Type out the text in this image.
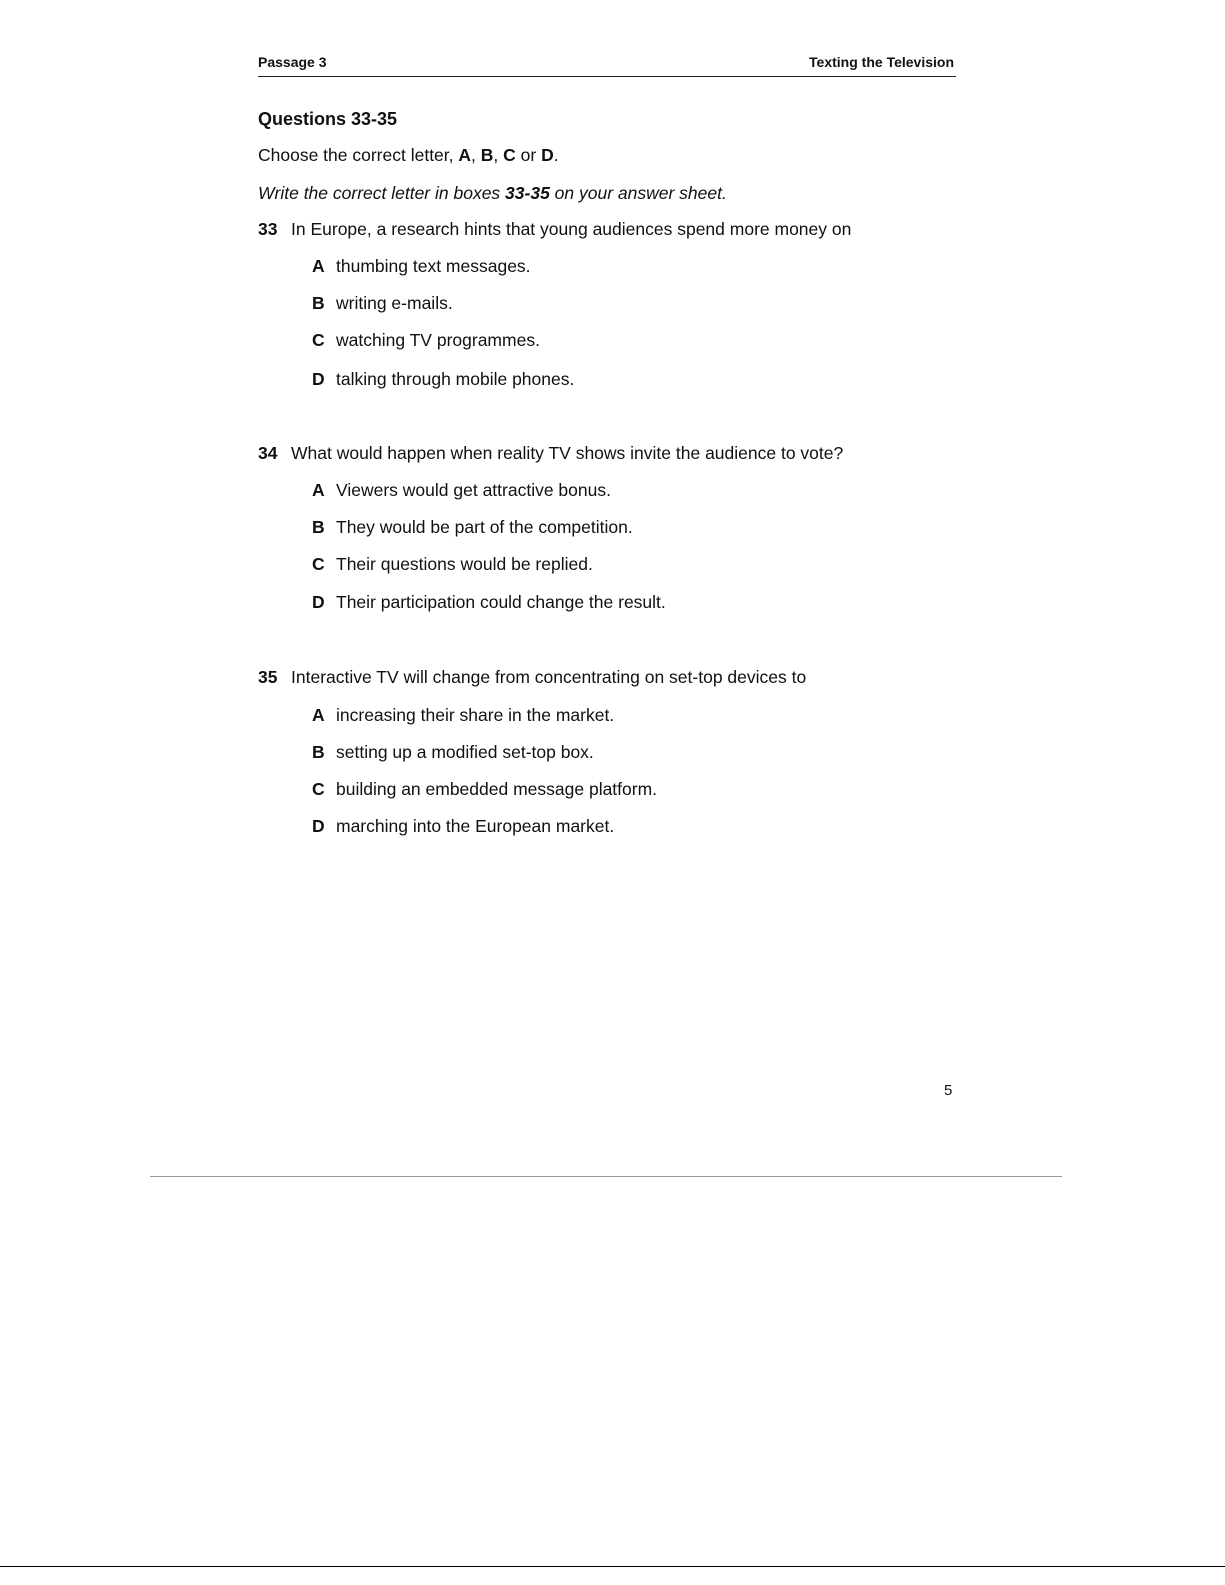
Passage 3	Texting the Television
Questions 33-35
Choose the correct letter, A, B, C or D.
Write the correct letter in boxes 33-35 on your answer sheet.
33 In Europe, a research hints that young audiences spend more money on
A thumbing text messages.
B writing e-mails.
C watching TV programmes.
D talking through mobile phones.
34 What would happen when reality TV shows invite the audience to vote?
A Viewers would get attractive bonus.
B They would be part of the competition.
C Their questions would be replied.
D Their participation could change the result.
35 Interactive TV will change from concentrating on set-top devices to
A increasing their share in the market.
B setting up a modified set-top box.
C building an embedded message platform.
D marching into the European market.
5
